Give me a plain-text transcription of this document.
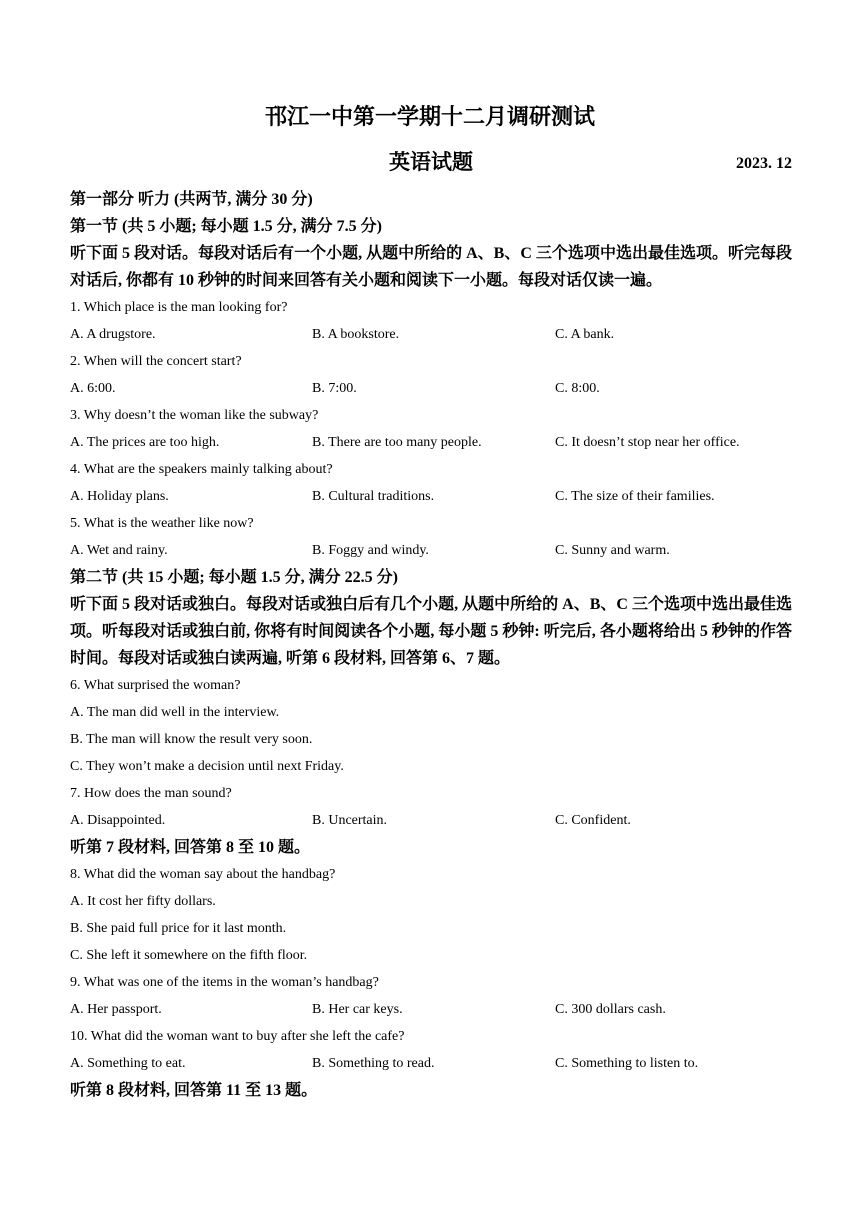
邗江一中第一学期十二月调研测试
英语试题	2023. 12
第一部分 听力 (共两节, 满分 30 分)
第一节 (共 5 小题; 每小题 1.5 分, 满分 7.5 分)
听下面 5 段对话。每段对话后有一个小题, 从题中所给的 A、B、C 三个选项中选出最佳选项。听完每段对话后, 你都有 10 秒钟的时间来回答有关小题和阅读下一小题。每段对话仅读一遍。
1. Which place is the man looking for?
A. A drugstore.	B. A bookstore.	C. A bank.
2. When will the concert start?
A. 6:00.	B. 7:00.	C. 8:00.
3. Why doesn’t the woman like the subway?
A. The prices are too high.	B. There are too many people.	C. It doesn’t stop near her office.
4. What are the speakers mainly talking about?
A. Holiday plans.	B. Cultural traditions.	C. The size of their families.
5. What is the weather like now?
A. Wet and rainy.	B. Foggy and windy.	C. Sunny and warm.
第二节 (共 15 小题; 每小题 1.5 分, 满分 22.5 分)
听下面 5 段对话或独白。每段对话或独白后有几个小题, 从题中所给的 A、B、C 三个选项中选出最佳选项。听每段对话或独白前, 你将有时间阅读各个小题, 每小题 5 秒钟: 听完后, 各小题将给出 5 秒钟的作答时间。每段对话或独白读两遍, 听第 6 段材料, 回答第 6、7 题。
6. What surprised the woman?
A. The man did well in the interview.
B. The man will know the result very soon.
C. They won’t make a decision until next Friday.
7. How does the man sound?
A. Disappointed.	B. Uncertain.	C. Confident.
听第 7 段材料, 回答第 8 至 10 题。
8. What did the woman say about the handbag?
A. It cost her fifty dollars.
B. She paid full price for it last month.
C. She left it somewhere on the fifth floor.
9. What was one of the items in the woman’s handbag?
A. Her passport.	B. Her car keys.	C. 300 dollars cash.
10. What did the woman want to buy after she left the cafe?
A. Something to eat.	B. Something to read.	C. Something to listen to.
听第 8 段材料, 回答第 11 至 13 题。
